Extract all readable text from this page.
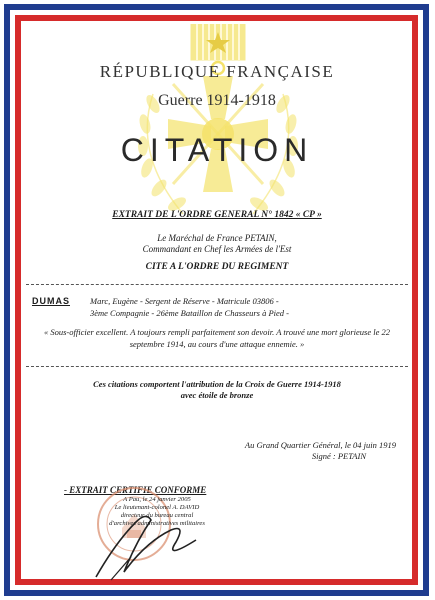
RÉPUBLIQUE FRANÇAISE
Guerre 1914-1918
CITATION
EXTRAIT DE L'ORDRE GENERAL N° 1842 « CP »
Le Maréchal de France PETAIN,
Commandant en Chef les Armées de l'Est
CITE A L'ORDRE DU REGIMENT
DUMAS Marc, Eugène - Sergent de Réserve - Matricule 03806 -
3ème Compagnie - 26ème Bataillon de Chasseurs à Pied -
« Sous-officier excellent. A toujours rempli parfaitement son devoir. A trouvé une mort glorieuse le 22 septembre 1914, au cours d'une attaque ennemie. »
Ces citations comportent l'attribution de la Croix de Guerre 1914-1918
avec étoile de bronze
Au Grand Quartier Général, le 04 juin 1919
Signé : PETAIN
- EXTRAIT CERTIFIE CONFORME
A Pau, le 24 janvier 2005
Le lieutenant-colonel A. DAVID
directeur du bureau central
d'archives administratives militaires
